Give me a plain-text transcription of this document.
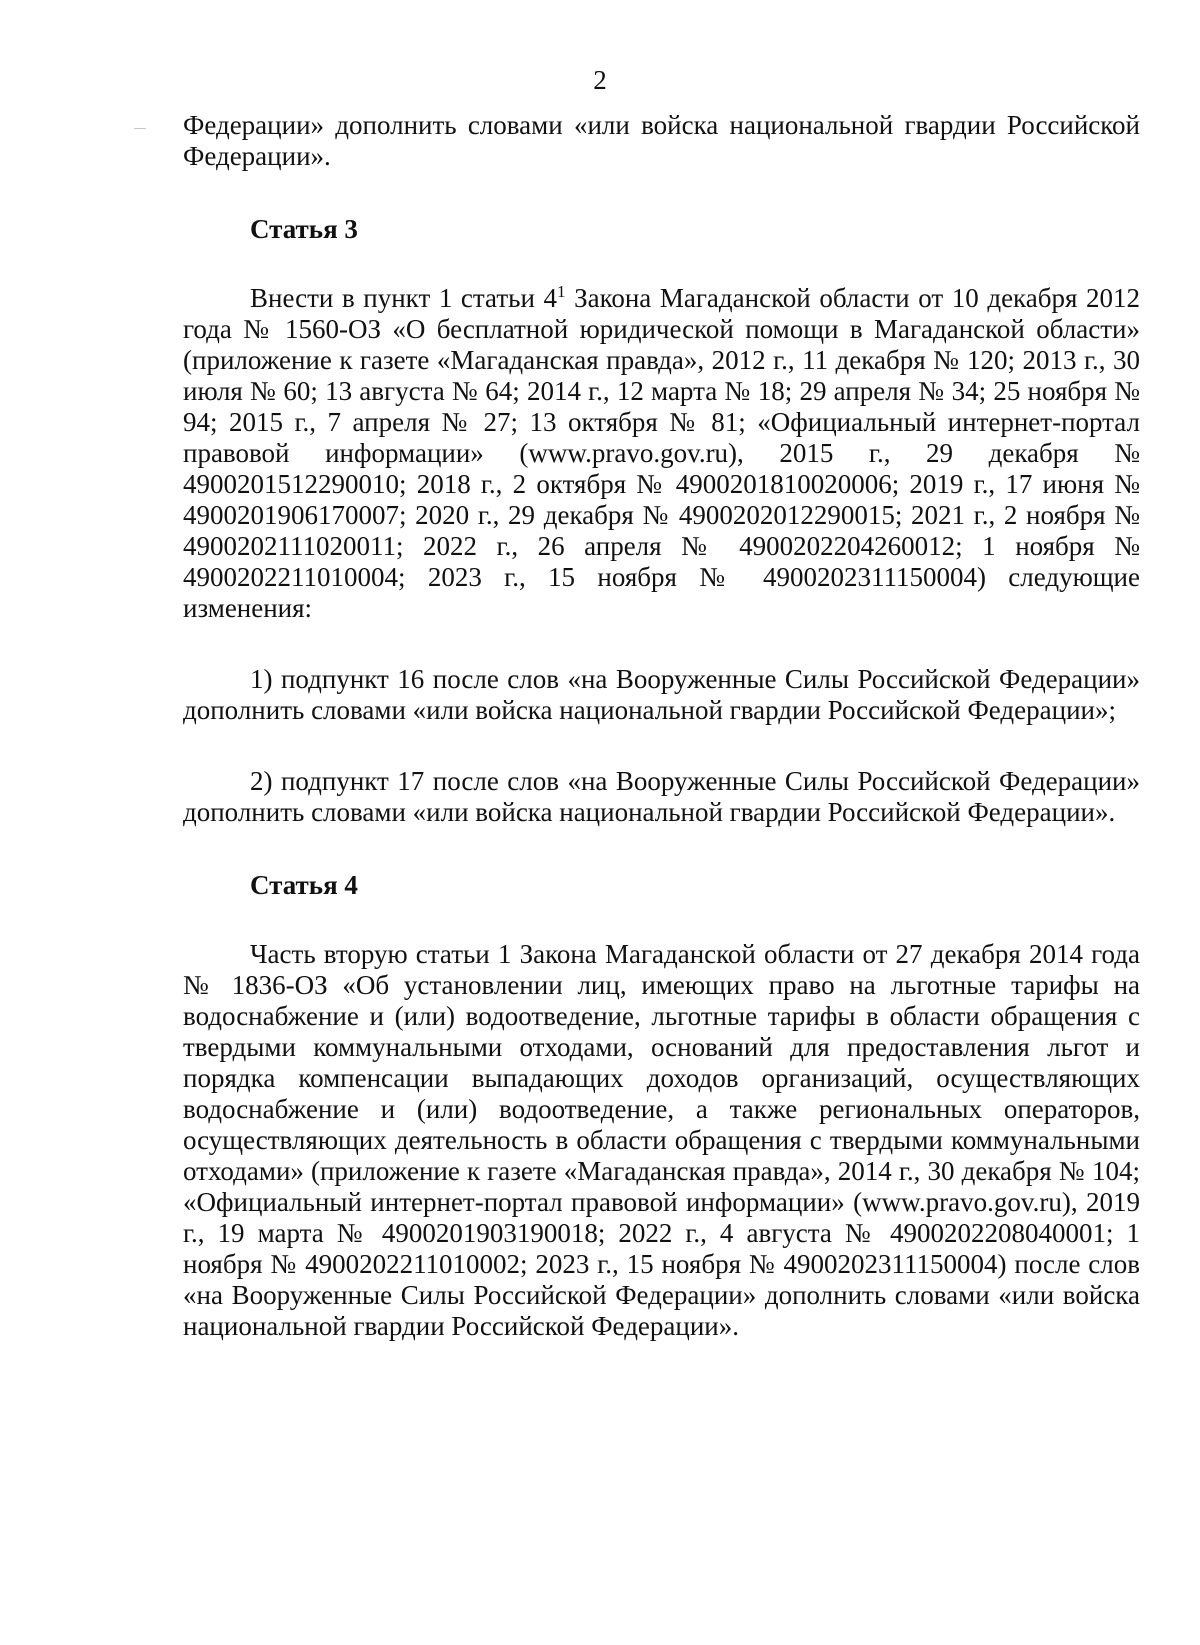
2

Федерации» дополнить словами «или войска национальной гвардии Российской Федерации».

Статья 3

Внести в пункт 1 статьи $4^1$ Закона Магаданской области от 10 декабря 2012 года № 1560-ОЗ «О бесплатной юридической помощи в Магаданской области» (приложение к газете «Магаданская правда», 2012 г., 11 декабря № 120; 2013 г., 30 июля № 60; 13 августа № 64; 2014 г., 12 марта № 18; 29 апреля № 34; 25 ноября № 94; 2015 г., 7 апреля № 27; 13 октября № 81; «Официальный интернет-портал правовой информации» (www.pravo.gov.ru), 2015 г., 29 декабря № 4900201512290010; 2018 г., 2 октября № 4900201810020006; 2019 г., 17 июня № 4900201906170007; 2020 г., 29 декабря № 4900202012290015; 2021 г., 2 ноября № 4900202111020011; 2022 г., 26 апреля № 4900202204260012; 1 ноября № 4900202211010004; 2023 г., 15 ноября № 4900202311150004) следующие изменения:

1) подпункт 16 после слов «на Вооруженные Силы Российской Федерации» дополнить словами «или войска национальной гвардии Российской Федерации»;

2) подпункт 17 после слов «на Вооруженные Силы Российской Федерации» дополнить словами «или войска национальной гвардии Российской Федерации».

Статья 4

Часть вторую статьи 1 Закона Магаданской области от 27 декабря 2014 года № 1836-ОЗ «Об установлении лиц, имеющих право на льготные тарифы на водоснабжение и (или) водоотведение, льготные тарифы в области обращения с твердыми коммунальными отходами, оснований для предоставления льгот и порядка компенсации выпадающих доходов организаций, осуществляющих водоснабжение и (или) водоотведение, а также региональных операторов, осуществляющих деятельность в области обращения с твердыми коммунальными отходами» (приложение к газете «Магаданская правда», 2014 г., 30 декабря № 104; «Официальный интернет-портал правовой информации» (www.pravo.gov.ru), 2019 г., 19 марта № 4900201903190018; 2022 г., 4 августа № 4900202208040001; 1 ноября № 4900202211010002; 2023 г., 15 ноября № 4900202311150004) после слов «на Вооруженные Силы Российской Федерации» дополнить словами «или войска национальной гвардии Российской Федерации».
